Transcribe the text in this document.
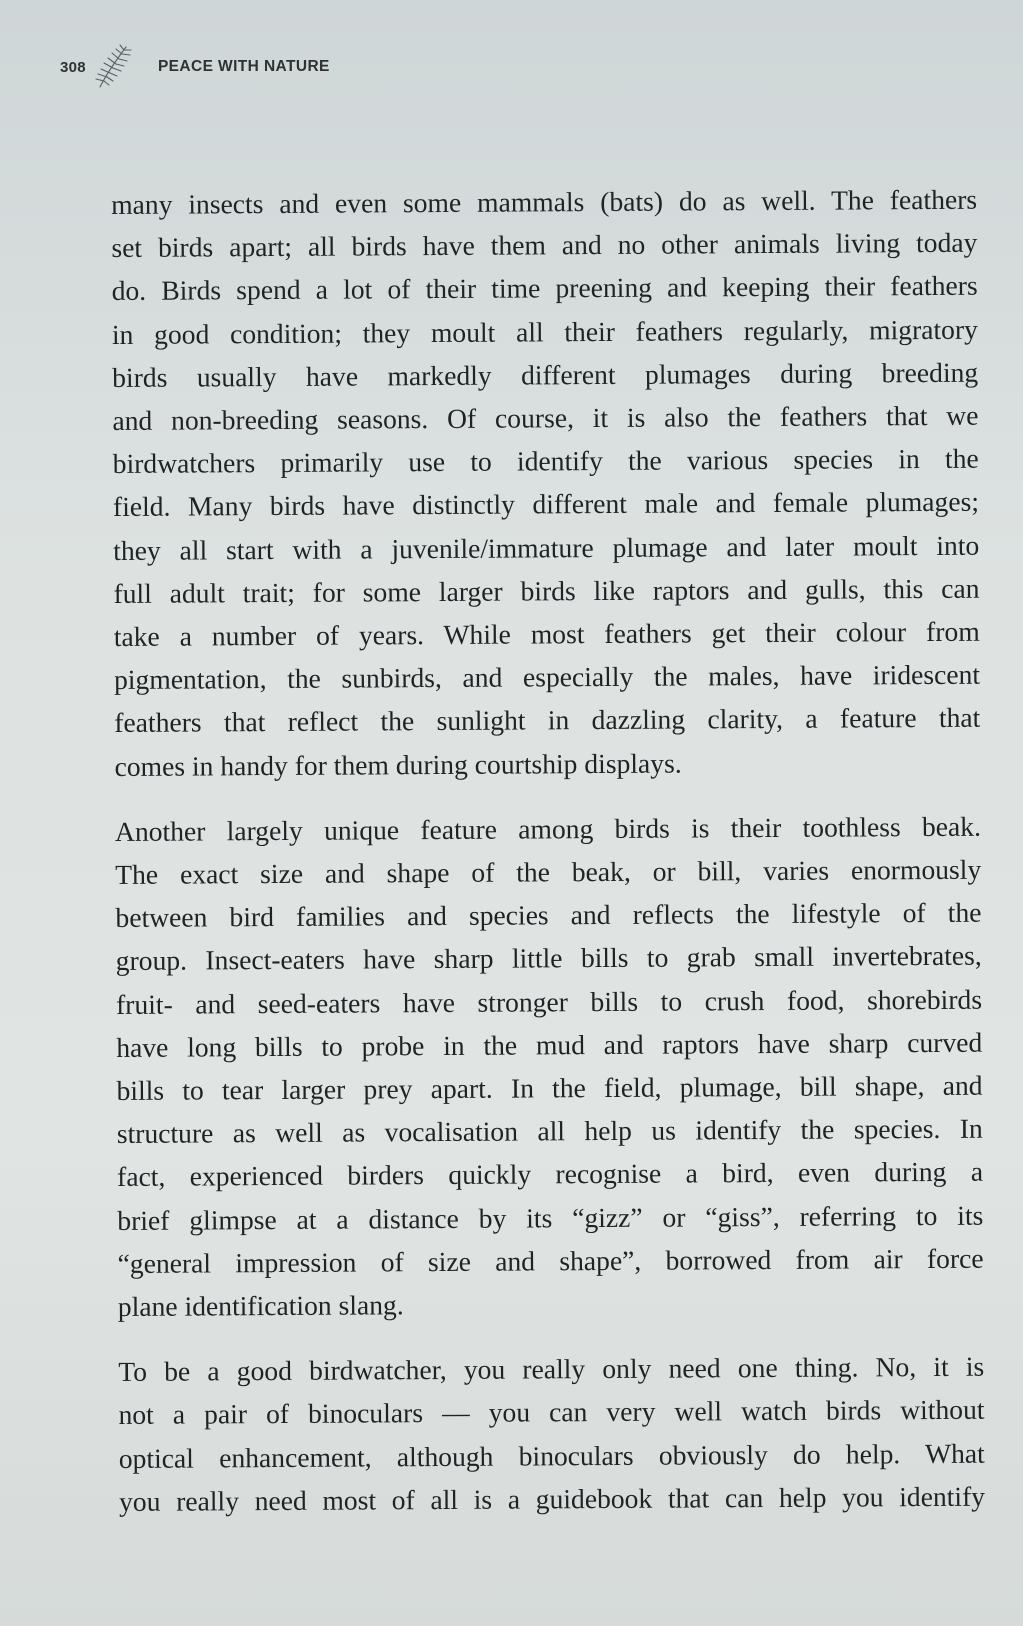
308	PEACE WITH NATURE

many insects and even some mammals (bats) do as well. The feathers
set birds apart; all birds have them and no other animals living today
do. Birds spend a lot of their time preening and keeping their feathers
in good condition; they moult all their feathers regularly, migratory
birds usually have markedly different plumages during breeding
and non-breeding seasons. Of course, it is also the feathers that we
birdwatchers primarily use to identify the various species in the
field. Many birds have distinctly different male and female plumages;
they all start with a juvenile/immature plumage and later moult into
full adult trait; for some larger birds like raptors and gulls, this can
take a number of years. While most feathers get their colour from
pigmentation, the sunbirds, and especially the males, have iridescent
feathers that reflect the sunlight in dazzling clarity, a feature that
comes in handy for them during courtship displays.

Another largely unique feature among birds is their toothless beak.
The exact size and shape of the beak, or bill, varies enormously
between bird families and species and reflects the lifestyle of the
group. Insect-eaters have sharp little bills to grab small invertebrates,
fruit- and seed-eaters have stronger bills to crush food, shorebirds
have long bills to probe in the mud and raptors have sharp curved
bills to tear larger prey apart. In the field, plumage, bill shape, and
structure as well as vocalisation all help us identify the species. In
fact, experienced birders quickly recognise a bird, even during a
brief glimpse at a distance by its “gizz” or “giss”, referring to its
“general impression of size and shape”, borrowed from air force
plane identification slang.

To be a good birdwatcher, you really only need one thing. No, it is
not a pair of binoculars — you can very well watch birds without
optical enhancement, although binoculars obviously do help. What
you really need most of all is a guidebook that can help you identify
